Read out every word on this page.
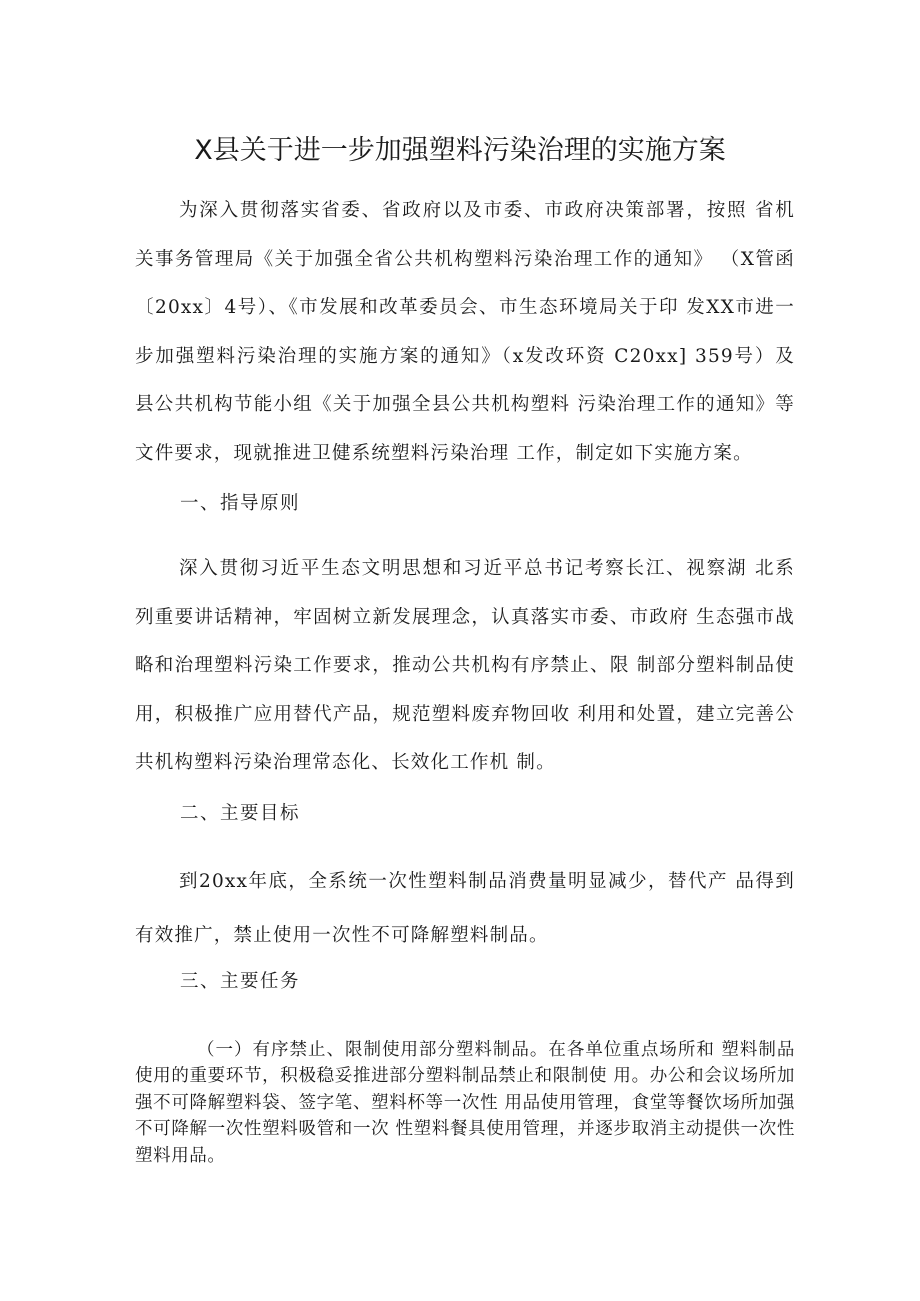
X县关于进一步加强塑料污染治理的实施方案

为深入贯彻落实省委、省政府以及市委、市政府决策部署，按照 省机关事务管理局《关于加强全省公共机构塑料污染治理工作的通知》 （X管函〔20xx〕4号）、《市发展和改革委员会、市生态环境局关于印 发XX市进一步加强塑料污染治理的实施方案的通知》（x发改环资 C20xx] 359号）及县公共机构节能小组《关于加强全县公共机构塑料 污染治理工作的通知》等文件要求，现就推进卫健系统塑料污染治理 工作，制定如下实施方案。

一、指导原则

深入贯彻习近平生态文明思想和习近平总书记考察长江、视察湖 北系列重要讲话精神，牢固树立新发展理念，认真落实市委、市政府 生态强市战略和治理塑料污染工作要求，推动公共机构有序禁止、限 制部分塑料制品使用，积极推广应用替代产品，规范塑料废弃物回收 利用和处置，建立完善公共机构塑料污染治理常态化、长效化工作机 制。

二、主要目标

到20xx年底，全系统一次性塑料制品消费量明显减少，替代产 品得到有效推广，禁止使用一次性不可降解塑料制品。

三、主要任务

（一）有序禁止、限制使用部分塑料制品。在各单位重点场所和 塑料制品使用的重要环节，积极稳妥推进部分塑料制品禁止和限制使 用。办公和会议场所加强不可降解塑料袋、签字笔、塑料杯等一次性 用品使用管理，食堂等餐饮场所加强不可降解一次性塑料吸管和一次 性塑料餐具使用管理，并逐步取消主动提供一次性塑料用品。
